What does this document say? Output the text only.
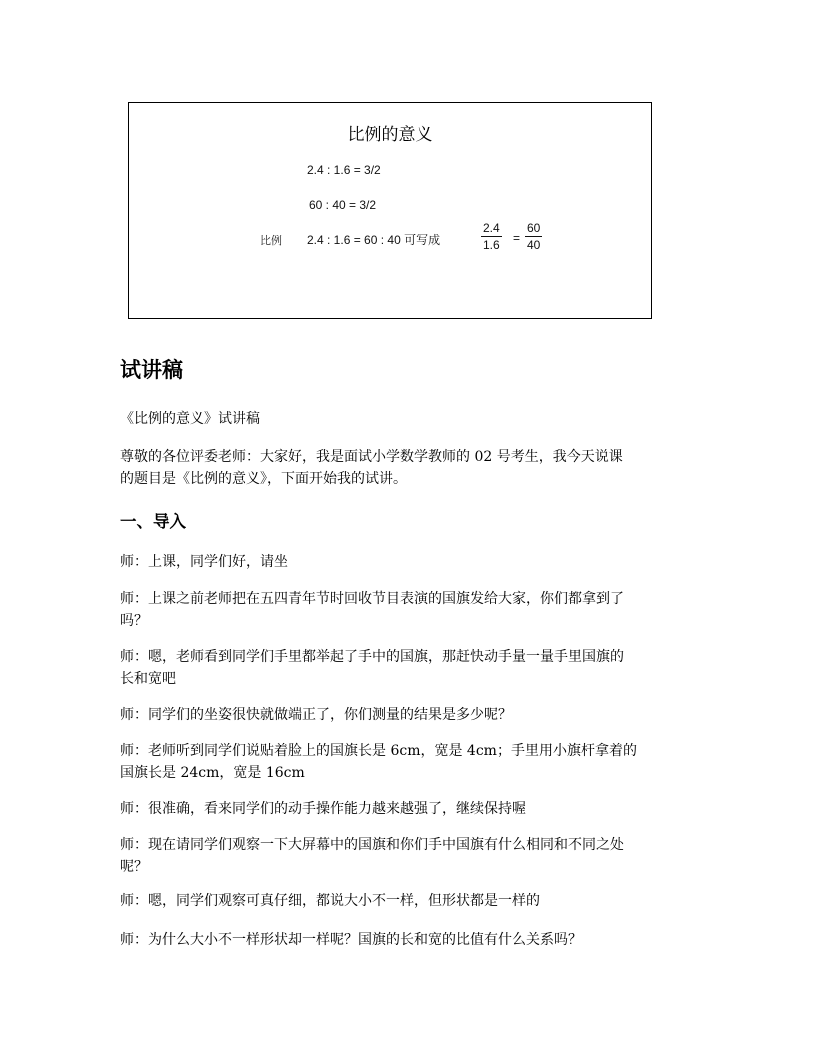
比例的意义
2.4 : 1.6 = 3/2
60 : 40 = 3/2
比例 2.4 : 1.6 = 60 : 40 可写成	$\frac{2.4}{1.6} = \frac{60}{40}$
试讲稿
《比例的意义》试讲稿
尊敬的各位评委老师：大家好，我是面试小学数学教师的 02 号考生，我今天说课
的题目是《比例的意义》，下面开始我的试讲。
一、导入
师：上课，同学们好，请坐
师：上课之前老师把在五四青年节时回收节目表演的国旗发给大家，你们都拿到了
吗？
师：嗯，老师看到同学们手里都举起了手中的国旗，那赶快动手量一量手里国旗的
长和宽吧
师：同学们的坐姿很快就做端正了，你们测量的结果是多少呢？
师：老师听到同学们说贴着脸上的国旗长是 6cm，宽是 4cm；手里用小旗杆拿着的
国旗长是 24cm，宽是 16cm
师：很准确，看来同学们的动手操作能力越来越强了，继续保持喔
师：现在请同学们观察一下大屏幕中的国旗和你们手中国旗有什么相同和不同之处
呢？
师：嗯，同学们观察可真仔细，都说大小不一样，但形状都是一样的
师：为什么大小不一样形状却一样呢？国旗的长和宽的比值有什么关系吗？
